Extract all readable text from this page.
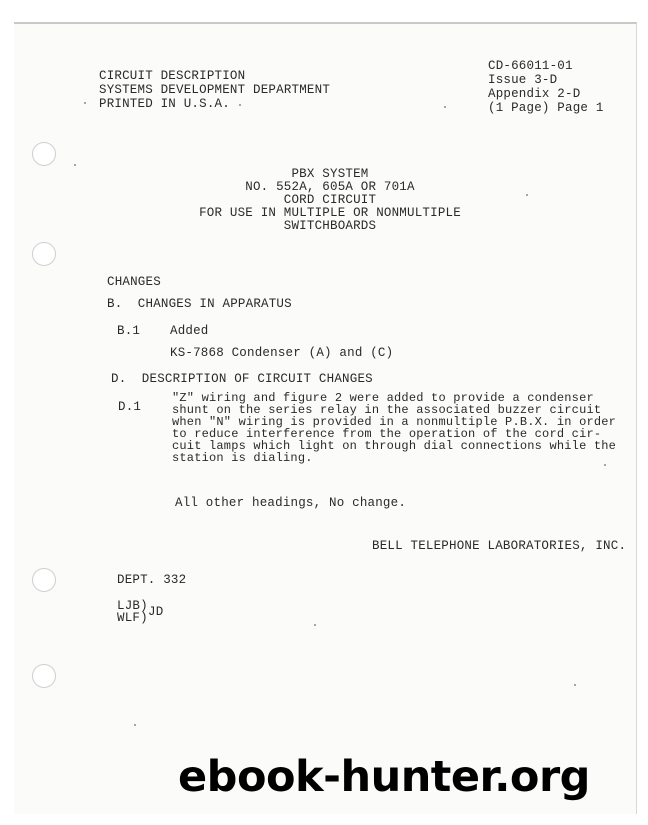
CIRCUIT DESCRIPTION
SYSTEMS DEVELOPMENT DEPARTMENT
PRINTED IN U.S.A.
CD-66011-01
Issue 3-D
Appendix 2-D
(1 Page) Page 1
PBX SYSTEM
NO. 552A, 605A OR 701A
CORD CIRCUIT
FOR USE IN MULTIPLE OR NONMULTIPLE
SWITCHBOARDS
CHANGES
B.  CHANGES IN APPARATUS
B.1 Added
KS-7868 Condenser (A) and (C)
D.  DESCRIPTION OF CIRCUIT CHANGES
D.1
"Z" wiring and figure 2 were added to provide a condenser
shunt on the series relay in the associated buzzer circuit
when "N" wiring is provided in a nonmultiple P.B.X. in order
to reduce interference from the operation of the cord cir-
cuit lamps which light on through dial connections while the
station is dialing.
All other headings, No change.
BELL TELEPHONE LABORATORIES, INC.
DEPT. 332
LJB)
WLF) JD
ebook-hunter.org
